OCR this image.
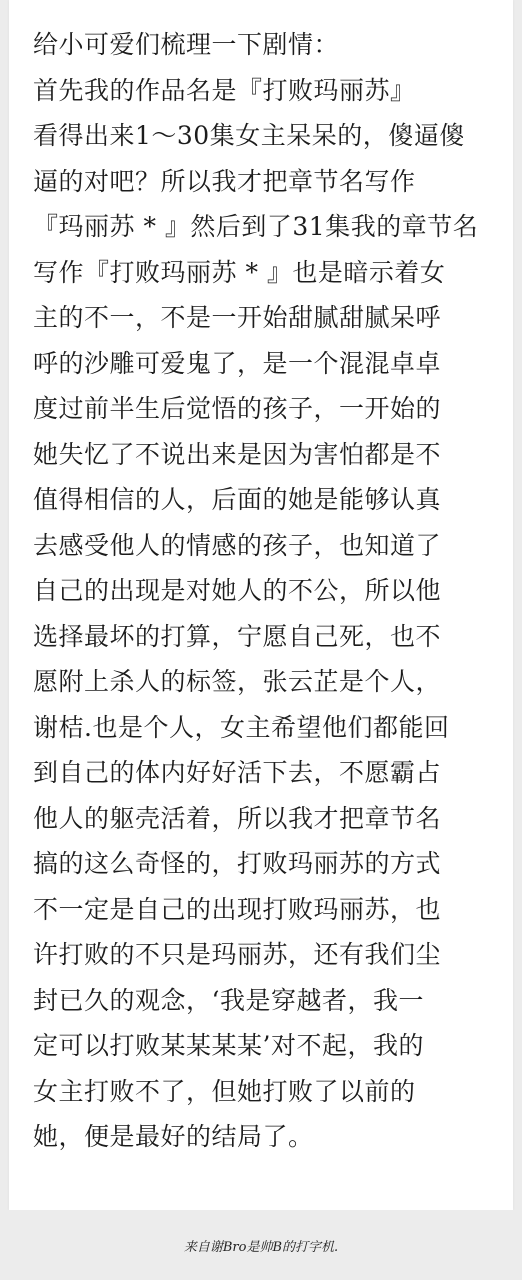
给小可爱们梳理一下剧情：
首先我的作品名是『打败玛丽苏』
看得出来1～30集女主呆呆的，傻逼傻
逼的对吧？所以我才把章节名写作
『玛丽苏 * 』然后到了31集我的章节名
写作『打败玛丽苏 * 』也是暗示着女
主的不一，不是一开始甜腻甜腻呆呼
呼的沙雕可爱鬼了，是一个混混卓卓
度过前半生后觉悟的孩子，一开始的
她失忆了不说出来是因为害怕都是不
值得相信的人，后面的她是能够认真
去感受他人的情感的孩子，也知道了
自己的出现是对她人的不公，所以他
选择最坏的打算，宁愿自己死，也不
愿附上杀人的标签，张云芷是个人，
谢桔.也是个人，女主希望他们都能回
到自己的体内好好活下去，不愿霸占
他人的躯壳活着，所以我才把章节名
搞的这么奇怪的，打败玛丽苏的方式
不一定是自己的出现打败玛丽苏，也
许打败的不只是玛丽苏，还有我们尘
封已久的观念，‘我是穿越者，我一
定可以打败某某某某’对不起，我的
女主打败不了，但她打败了以前的
她，便是最好的结局了。
来自谢Bro是帅B的打字机.
